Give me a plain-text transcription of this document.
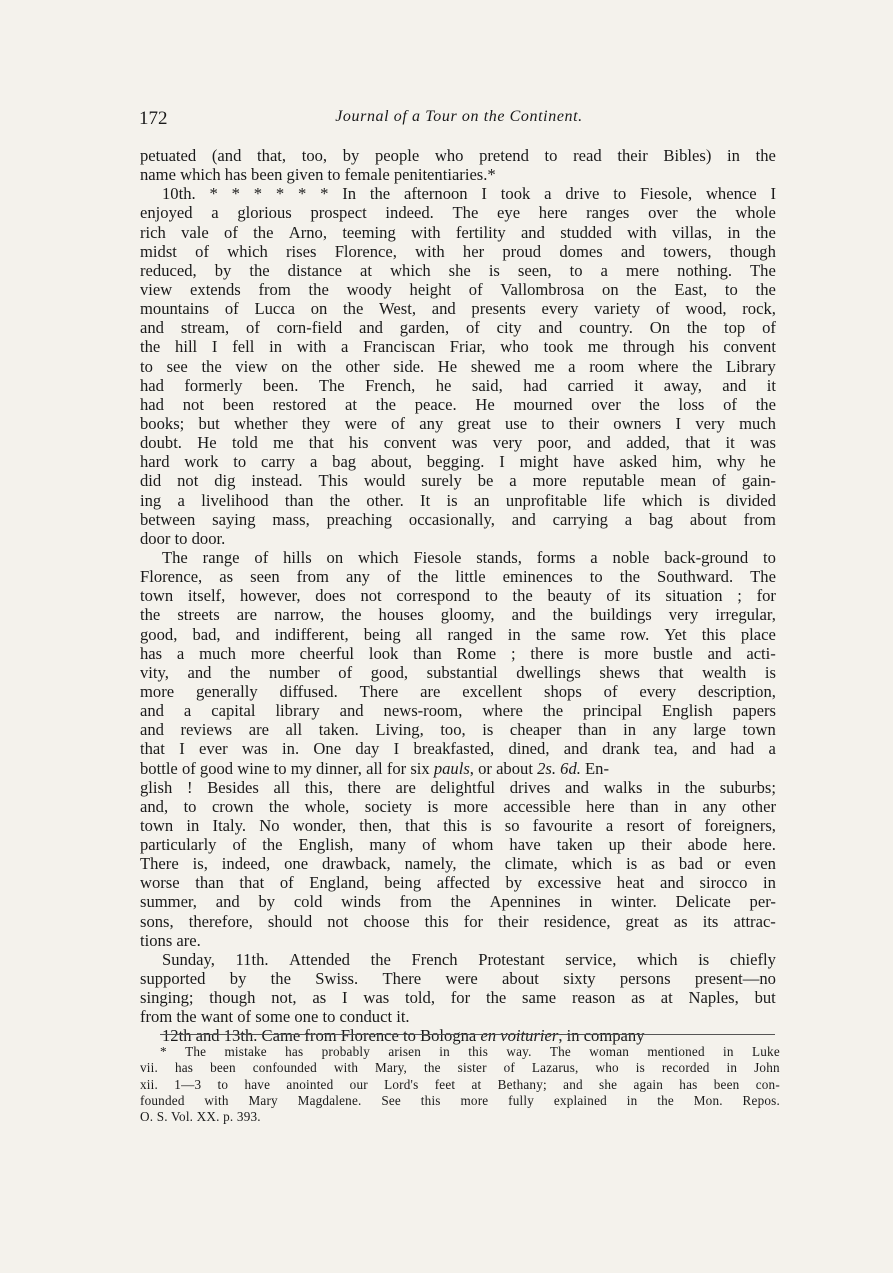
172	Journal of a Tour on the Continent.
petuated (and that, too, by people who pretend to read their Bibles) in the
name which has been given to female penitentiaries.*
10th. * * * * * * In the afternoon I took a drive to Fiesole, whence I
enjoyed a glorious prospect indeed. The eye here ranges over the whole
rich vale of the Arno, teeming with fertility and studded with villas, in the
midst of which rises Florence, with her proud domes and towers, though
reduced, by the distance at which she is seen, to a mere nothing. The
view extends from the woody height of Vallombrosa on the East, to the
mountains of Lucca on the West, and presents every variety of wood, rock,
and stream, of corn-field and garden, of city and country. On the top of
the hill I fell in with a Franciscan Friar, who took me through his convent
to see the view on the other side. He shewed me a room where the Library
had formerly been. The French, he said, had carried it away, and it
had not been restored at the peace. He mourned over the loss of the
books; but whether they were of any great use to their owners I very much
doubt. He told me that his convent was very poor, and added, that it was
hard work to carry a bag about, begging. I might have asked him, why he
did not dig instead. This would surely be a more reputable mean of gain-
ing a livelihood than the other. It is an unprofitable life which is divided
between saying mass, preaching occasionally, and carrying a bag about from
door to door.
The range of hills on which Fiesole stands, forms a noble back-ground to
Florence, as seen from any of the little eminences to the Southward. The
town itself, however, does not correspond to the beauty of its situation ; for
the streets are narrow, the houses gloomy, and the buildings very irregular,
good, bad, and indifferent, being all ranged in the same row. Yet this place
has a much more cheerful look than Rome ; there is more bustle and acti-
vity, and the number of good, substantial dwellings shews that wealth is
more generally diffused. There are excellent shops of every description,
and a capital library and news-room, where the principal English papers
and reviews are all taken. Living, too, is cheaper than in any large town
that I ever was in. One day I breakfasted, dined, and drank tea, and had a
bottle of good wine to my dinner, all for six pauls , or about 2s. 6d. En-
glish ! Besides all this, there are delightful drives and walks in the suburbs;
and, to crown the whole, society is more accessible here than in any other
town in Italy. No wonder, then, that this is so favourite a resort of foreigners,
particularly of the English, many of whom have taken up their abode here.
There is, indeed, one drawback, namely, the climate, which is as bad or even
worse than that of England, being affected by excessive heat and sirocco in
summer, and by cold winds from the Apennines in winter. Delicate per-
sons, therefore, should not choose this for their residence, great as its attrac-
tions are.
Sunday, 11th. Attended the French Protestant service, which is chiefly
supported by the Swiss. There were about sixty persons present—no
singing; though not, as I was told, for the same reason as at Naples, but
from the want of some one to conduct it.
12th and 13th. Came from Florence to Bologna en voiturier , in company
* The mistake has probably arisen in this way. The woman mentioned in Luke
vii. has been confounded with Mary, the sister of Lazarus, who is recorded in John
xii. 1—3 to have anointed our Lord's feet at Bethany; and she again has been con-
founded with Mary Magdalene. See this more fully explained in the Mon. Repos.
O. S. Vol. XX. p. 393.
